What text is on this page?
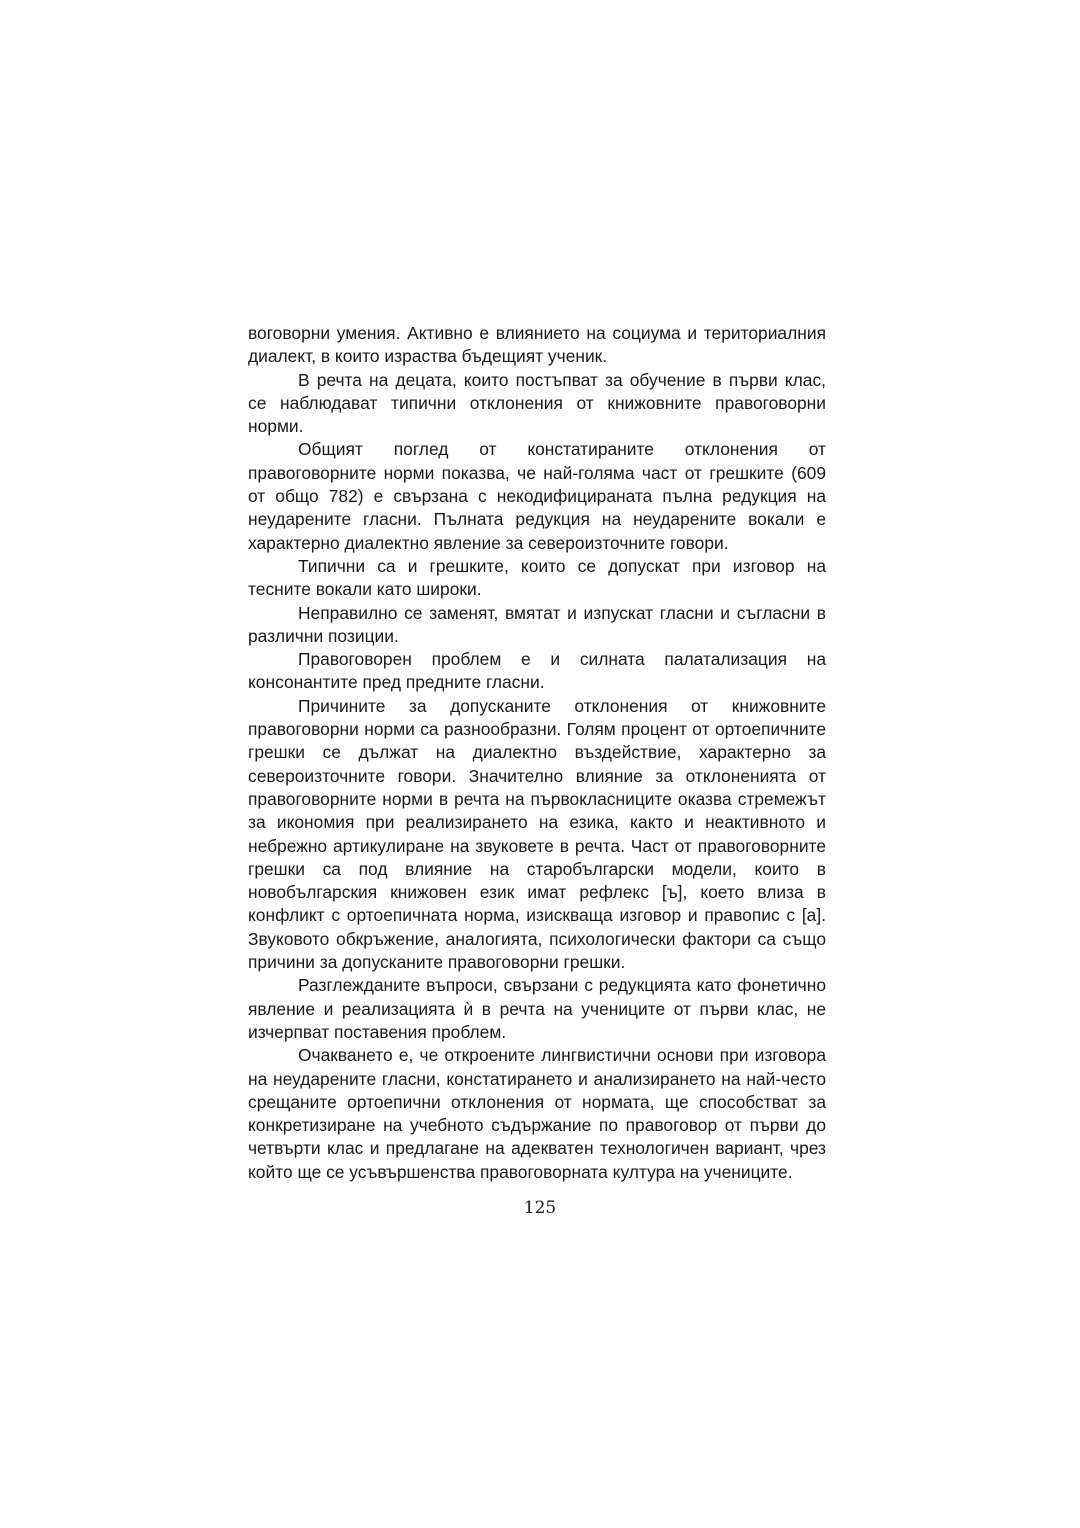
воговорни умения. Активно е влиянието на социума и териториалния диалект, в които израства бъдещият ученик.

В речта на децата, които постъпват за обучение в първи клас, се наблюдават типични отклонения от книжовните правоговорни норми.

Общият поглед от констатираните отклонения от правоговорните норми показва, че най-голяма част от грешките (609 от общо 782) е свързана с некодифицираната пълна редукция на неударените гласни. Пълната редукция на неударените вокали е характерно диалектно явление за североизточните говори.

Типични са и грешките, които се допускат при изговор на тесните вокали като широки.

Неправилно се заменят, вмятат и изпускат гласни и съгласни в различни позиции.

Правоговорен проблем е и силната палатализация на консонантите пред предните гласни.

Причините за допусканите отклонения от книжовните правоговорни норми са разнообразни. Голям процент от ортоепичните грешки се дължат на диалектно въздействие, характерно за североизточните говори. Значително влияние за отклоненията от правоговорните норми в речта на първокласниците оказва стремежът за икономия при реализирането на езика, както и неактивното и небрежно артикулиране на звуковете в речта. Част от правоговорните грешки са под влияние на старобългарски модели, които в новобългарския книжовен език имат рефлекс [ъ], което влиза в конфликт с ортоепичната норма, изискваща изговор и правопис с [а]. Звуковото обкръжение, аналогията, психологически фактори са също причини за допусканите правоговорни грешки.

Разглежданите въпроси, свързани с редукцията като фонетично явление и реализацията ѝ в речта на учениците от първи клас, не изчерпват поставения проблем.

Очакването е, че откроените лингвистични основи при изговора на неударените гласни, констатирането и анализирането на най-често срещаните ортоепични отклонения от нормата, ще способстват за конкретизиране на учебното съдържание по правоговор от първи до четвърти клас и предлагане на адекватен технологичен вариант, чрез който ще се усъвършенства правоговорната култура на учениците.

125
